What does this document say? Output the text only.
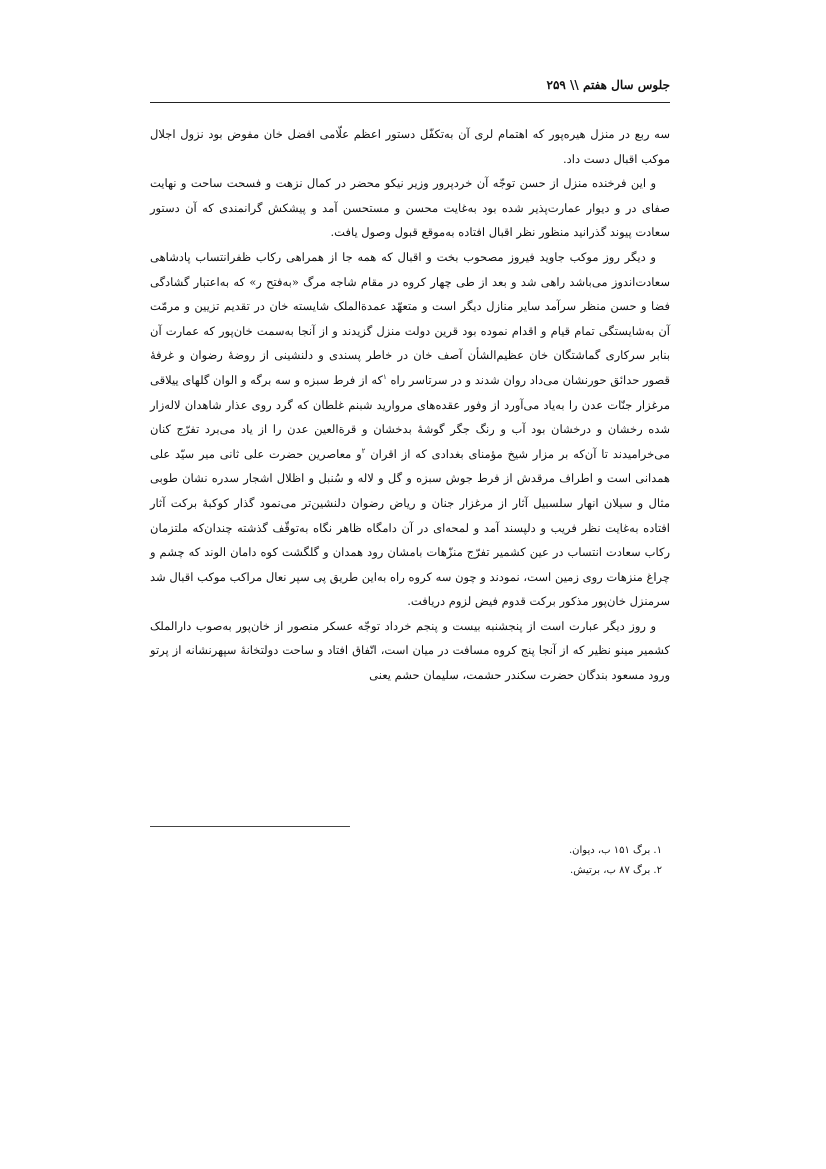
جلوس سال هفتم \\ ۲۵۹

سه ربع در منزل هیره‌پور که اهتمام لری آن به‌تکفّل دستور اعظم علّامی افضل خان مفوض بود نزول اجلال موکب اقبال دست داد.

و این فرخنده منزل از حسن توجّه آن خردپرور وزیر نیکو محضر در کمال نزهت و فسحت ساحت و نهایت صفای در و دیوار عمارت‌پذیر شده بود به‌غایت محسن و مستحسن آمد و پیشکش گرانمندی که آن دستور سعادت پیوند گذرانید منظور نظر اقبال افتاده به‌موقع قبول وصول یافت.

و دیگر روز موکب جاوید فیروز مصحوب بخت و اقبال که همه جا از همراهی رکاب ظفرانتساب پادشاهی سعادت‌اندوز می‌باشد راهی شد و بعد از طی چهار کروه در مقام شاجه مرگ «به‌فتح ر» که به‌اعتبار گشادگی فضا و حسن منظر سرآمد سایر منازل دیگر است و متعهّد عمدة‌الملک شایسته خان در تقدیم تزیین و مرمّت آن به‌شایستگی تمام قیام و اقدام نموده بود قرین دولت منزل گزیدند و از آنجا به‌سمت خان‌پور که عمارت آن بنابر سرکاری گماشتگان خان عظیم‌الشأن آصف خان در خاطر پسندی و دلنشینی از روضهٔ رضوان و غرفهٔ قصور حدائق حورنشان می‌داد روان شدند و در سرتاسر راه $^۱$که از فرط سبزه و سه برگه و الوان گلهای ییلاقی مرغزار جنّات عدن را به‌یاد می‌آورد از وفور عقده‌های مروارید شبنم غلطان که گرد روی عذار شاهدان لاله‌زار شده رخشان و درخشان بود آب و رنگ جگر گوشهٔ بدخشان و قرة‌العین عدن را از یاد می‌برد تفرّج کنان می‌خرامیدند تا آن‌که بر مزار شیخ مؤمنای بغدادی که از اقران $^۲$و معاصرین حضرت علی ثانی میر سیّد علی همدانی است و اطراف مرقدش از فرط جوش سبزه و گل و لاله و سُنبل و اظلال اشجار سدره نشان طوبی مثال و سیلان انهار سلسبیل آثار از مرغزار جنان و ریاض رضوان دلنشین‌تر می‌نمود گذار کوکبهٔ برکت آثار افتاده به‌غایت نظر فریب و دلپسند آمد و لمحه‌ای در آن دامگاه ظاهر نگاه به‌توقّف گذشته چندان‌که ملتزمان رکاب سعادت انتساب در عین کشمیر تفرّج منزّهات بامشان رود همدان و گلگشت کوه دامان الوند که چشم و چراغ منزهات روی زمین است، نمودند و چون سه کروه راه به‌این طریق پی سپر نعال مراکب موکب اقبال شد سرمنزل خان‌پور مذکور برکت قدوم فیض لزوم دریافت.

و روز دیگر عبارت است از پنجشنبه بیست و پنجم خرداد توجّه عسکر منصور از خان‌پور به‌صوب دارالملک کشمیر مینو نظیر که از آنجا پنج کروه مسافت در میان است، اتّفاق افتاد و ساحت دولتخانهٔ سپهرنشانه از پرتو ورود مسعود بندگان حضرت سکندر حشمت، سلیمان حشم یعنی

۱. برگ ۱۵۱ ب، دیوان.
۲. برگ ۸۷ ب، برتیش.
